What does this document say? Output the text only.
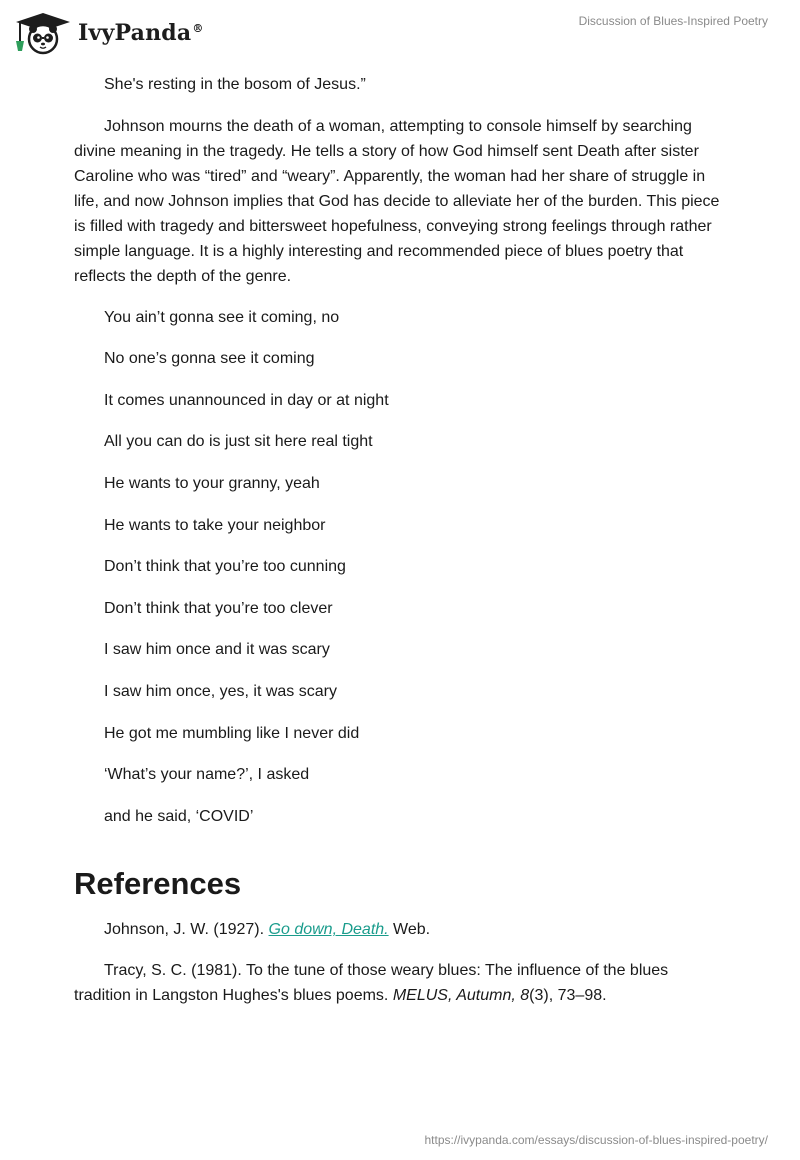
IvyPanda®
Discussion of Blues-Inspired Poetry

She's resting in the bosom of Jesus.”

Johnson mourns the death of a woman, attempting to console himself by searching divine meaning in the tragedy. He tells a story of how God himself sent Death after sister Caroline who was “tired” and “weary”. Apparently, the woman had her share of struggle in life, and now Johnson implies that God has decide to alleviate her of the burden. This piece is filled with tragedy and bittersweet hopefulness, conveying strong feelings through rather simple language. It is a highly interesting and recommended piece of blues poetry that reflects the depth of the genre.

You ain’t gonna see it coming, no

No one’s gonna see it coming

It comes unannounced in day or at night

All you can do is just sit here real tight

He wants to your granny, yeah

He wants to take your neighbor

Don’t think that you’re too cunning

Don’t think that you’re too clever

I saw him once and it was scary

I saw him once, yes, it was scary

He got me mumbling like I never did

‘What’s your name?’, I asked

and he said, ‘COVID’

References

Johnson, J. W. (1927). Go down, Death. Web.

Tracy, S. C. (1981). To the tune of those weary blues: The influence of the blues tradition in Langston Hughes's blues poems. MELUS, Autumn, 8(3), 73–98.

https://ivypanda.com/essays/discussion-of-blues-inspired-poetry/
